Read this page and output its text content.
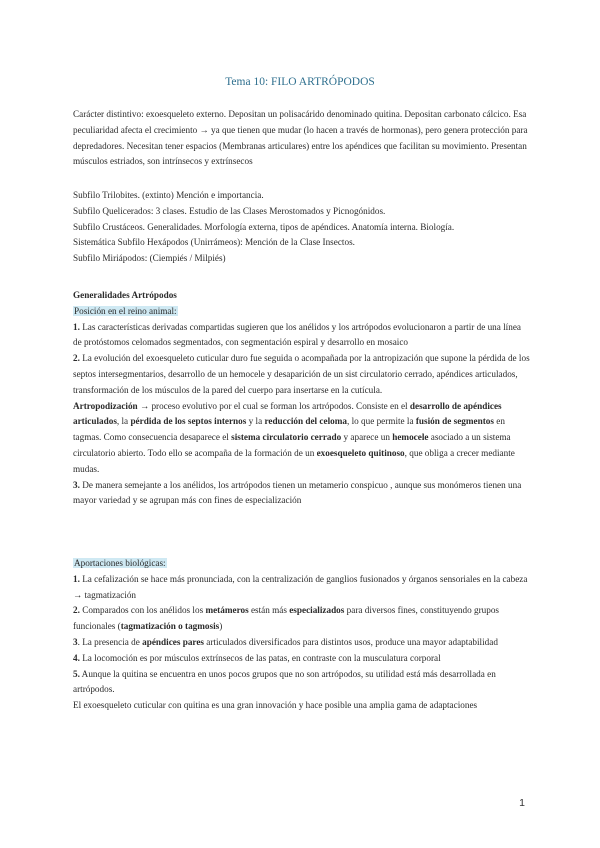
Tema 10: FILO ARTRÓPODOS

Carácter distintivo: exoesqueleto externo. Depositan un polisacárido denominado quitina. Depositan carbonato cálcico. Esa peculiaridad afecta el crecimiento → ya que tienen que mudar (lo hacen a través de hormonas), pero genera protección para depredadores. Necesitan tener espacios (Membranas articulares) entre los apéndices que facilitan su movimiento. Presentan músculos estriados, son intrínsecos y extrínsecos

Subfilo Trilobites. (extinto) Mención e importancia.

Subfilo Quelicerados: 3 clases. Estudio de las Clases Merostomados y Picnogónidos.

Subfilo Crustáceos. Generalidades. Morfología externa, tipos de apéndices. Anatomía interna. Biología.

Sistemática Subfilo Hexápodos (Unirrámeos): Mención de la Clase Insectos.

Subfilo Miriápodos: (Ciempiés / Milpiés)

Generalidades Artrópodos

Posición en el reino animal:

1. Las características derivadas compartidas sugieren que los anélidos y los artrópodos evolucionaron a partir de una línea de protóstomos celomados segmentados, con segmentación espiral y desarrollo en mosaico

2. La evolución del exoesqueleto cuticular duro fue seguida o acompañada por la antropización que supone la pérdida de los septos intersegmentarios, desarrollo de un hemocele y desaparición de un sist circulatorio cerrado, apéndices articulados, transformación de los músculos de la pared del cuerpo para insertarse en la cutícula.

Artropodización → proceso evolutivo por el cual se forman los artrópodos. Consiste en el desarrollo de apéndices articulados, la pérdida de los septos internos y la reducción del celoma, lo que permite la fusión de segmentos en tagmas. Como consecuencia desaparece el sistema circulatorio cerrado y aparece un hemocele asociado a un sistema circulatorio abierto. Todo ello se acompaña de la formación de un exoesqueleto quitinoso, que obliga a crecer mediante mudas.

3. De manera semejante a los anélidos, los artrópodos tienen un metamerio conspicuo , aunque sus monómeros tienen una mayor variedad y se agrupan más con fines de especialización

Aportaciones biológicas:

1. La cefalización se hace más pronunciada, con la centralización de ganglios fusionados y órganos sensoriales en la cabeza → tagmatización

2. Comparados con los anélidos los metámeros están más especializados para diversos fines, constituyendo grupos funcionales (tagmatización o tagmosis)

3. La presencia de apéndices pares articulados diversificados para distintos usos, produce una mayor adaptabilidad

4. La locomoción es por músculos extrínsecos de las patas, en contraste con la musculatura corporal

5. Aunque la quitina se encuentra en unos pocos grupos que no son artrópodos, su utilidad está más desarrollada en artrópodos.

El exoesqueleto cuticular con quitina es una gran innovación y hace posible una amplia gama de adaptaciones

1
